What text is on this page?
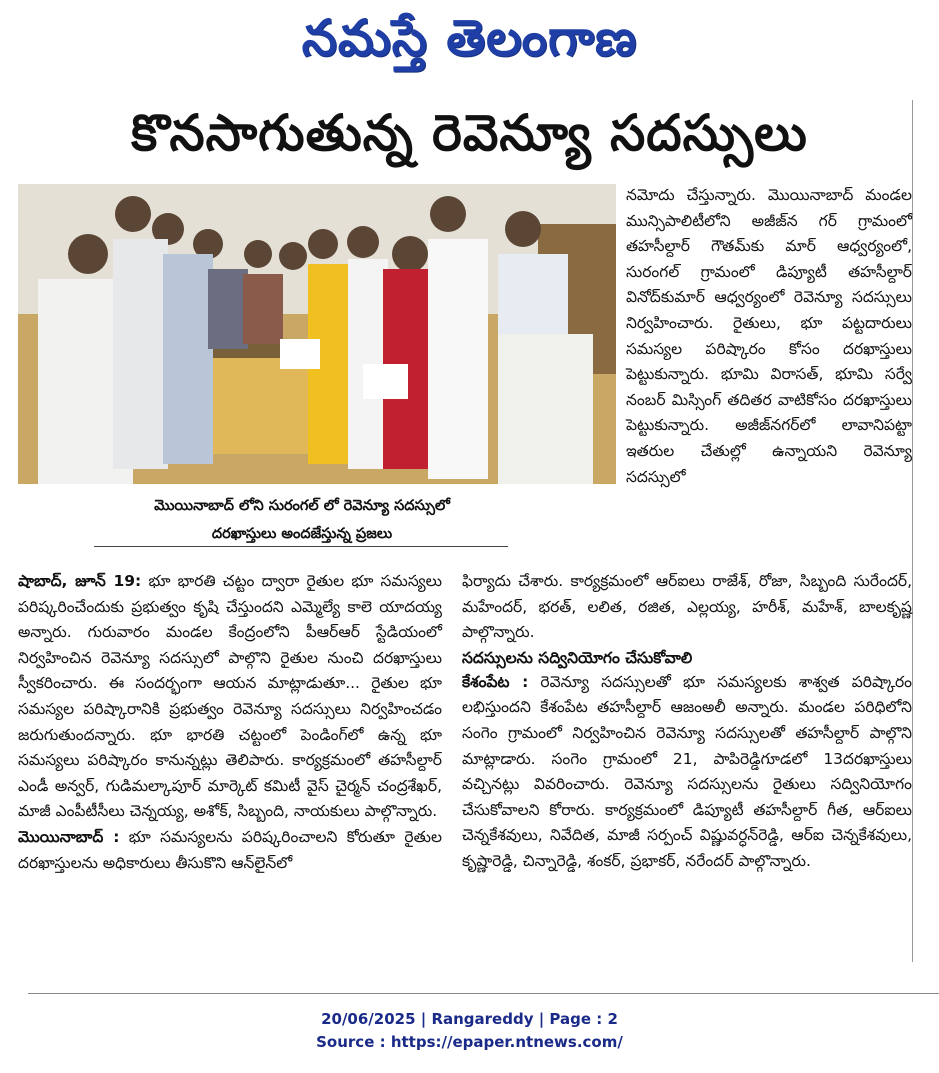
నమస్తే తెలంగాణ
కొనసాగుతున్న రెవెన్యూ సదస్సులు
మొయినాబాద్ లోని సురంగల్ లో రెవెన్యూ సదస్సులో
దరఖాస్తులు అందజేస్తున్న ప్రజలు

నమోదు చేస్తున్నారు. మొయినాబాద్ మండల మున్సిపాలిటీలోని అజీజ్‌న గర్ గ్రామంలో తహసీల్దార్ గౌతమ్‌కు మార్ ఆధ్వర్యంలో, సురంగల్ గ్రామంలో డిప్యూటీ తహసీల్దార్ వినోద్‌కుమార్ ఆధ్వర్యంలో రెవెన్యూ సదస్సులు నిర్వహించారు. రైతులు, భూ పట్టదారులు సమస్యల పరిష్కారం కోసం దరఖాస్తులు పెట్టుకున్నారు. భూమి విరాసత్, భూమి సర్వే నంబర్ మిస్సింగ్ తదితర వాటికోసం దరఖాస్తులు పెట్టుకున్నారు. అజీజ్‌నగర్‌లో లావానిపట్టా ఇతరుల చేతుల్లో ఉన్నాయని రెవెన్యూ సదస్సులో

షాబాద్, జూన్ 19: భూ భారతి చట్టం ద్వారా రైతుల భూ సమస్యలు పరిష్కరించేందుకు ప్రభుత్వం కృషి చేస్తుందని ఎమ్మెల్యే కాలె యాదయ్య అన్నారు. గురువారం మండల కేంద్రంలోని పీఆర్ఆర్ స్టేడియంలో నిర్వహించిన రెవెన్యూ సదస్సులో పాల్గొని రైతుల నుంచి దరఖాస్తులు స్వీకరించారు. ఈ సందర్భంగా ఆయన మాట్లాడుతూ... రైతుల భూ సమస్యల పరిష్కారానికి ప్రభుత్వం రెవెన్యూ సదస్సులు నిర్వహించడం జరుగుతుందన్నారు. భూ భారతి చట్టంలో పెండింగ్‌లో ఉన్న భూ సమస్యలు పరిష్కారం కానున్నట్లు తెలిపారు. కార్యక్రమంలో తహసీల్దార్ ఎండీ అన్వర్, గుడిమల్కాపూర్ మార్కెట్ కమిటీ వైస్ చైర్మన్ చంద్రశేఖర్, మాజీ ఎంపీటీసీలు చెన్నయ్య, అశోక్, సిబ్బంది, నాయకులు పాల్గొన్నారు.

మొయినాబాద్ : భూ సమస్యలను పరిష్కరించాలని కోరుతూ రైతుల దరఖాస్తులను అధికారులు తీసుకొని ఆన్‌లైన్‌లో

ఫిర్యాదు చేశారు. కార్యక్రమంలో ఆర్ఐలు రాజేశ్, రోజా, సిబ్బంది సురేందర్, మహేందర్, భరత్, లలిత, రజిత, ఎల్లయ్య, హరీశ్, మహేశ్, బాలకృష్ణ పాల్గొన్నారు.

సదస్సులను సద్వినియోగం చేసుకోవాలి

కేశంపేట : రెవెన్యూ సదస్సులతో భూ సమస్యలకు శాశ్వత పరిష్కారం లభిస్తుందని కేశంపేట తహసీల్దార్ ఆజంఅలీ అన్నారు. మండల పరిధిలోని సంగెం గ్రామంలో నిర్వహించిన రెవెన్యూ సదస్సులతో తహసీల్దార్ పాల్గొని మాట్లాడారు. సంగెం గ్రామంలో 21, పాపిరెడ్డిగూడలో 13దరఖాస్తులు వచ్చినట్లు వివరించారు. రెవెన్యూ సదస్సులను రైతులు సద్వినియోగం చేసుకోవాలని కోరారు. కార్యక్రమంలో డిప్యూటీ తహసీల్దార్ గీత, ఆర్ఐలు చెన్నకేశవులు, నివేదిత, మాజీ సర్పంచ్ విష్ణువర్ధన్‌రెడ్డి, ఆర్ఐ చెన్నకేశవులు, కృష్ణారెడ్డి, చిన్నారెడ్డి, శంకర్, ప్రభాకర్, నరేందర్ పాల్గొన్నారు.

20/06/2025 | Rangareddy | Page : 2
Source : https://epaper.ntnews.com/
